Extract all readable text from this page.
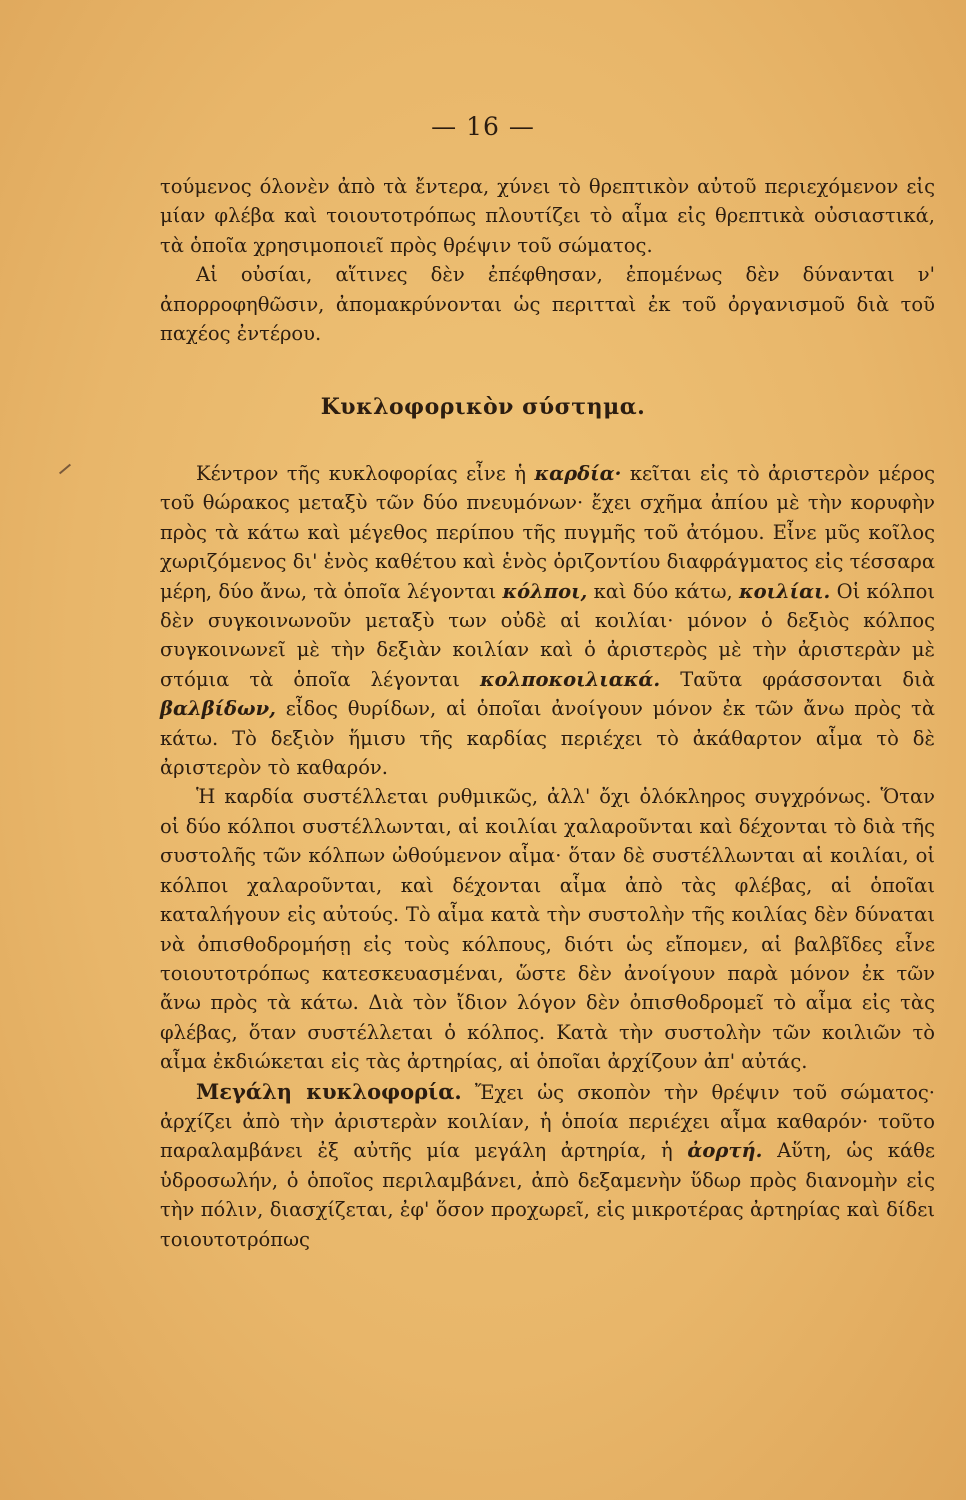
— 16 —

τούμενος όλονὲν ἀπὸ τὰ ἔντερα, χύνει τὸ θρεπτικὸν αὐτοῦ περιεχόμενον εἰς μίαν φλέβα καὶ τοιουτοτρόπως πλουτίζει τὸ αἷμα εἰς θρεπτικὰ οὐσιαστικά, τὰ ὁποῖα χρησιμοποιεῖ πρὸς θρέψιν τοῦ σώματος.

Αἱ οὐσίαι, αἵτινες δὲν ἐπέφθησαν, ἐπομένως δὲν δύνανται ν' ἀπορροφηθῶσιν, ἀπομακρύνονται ὡς περιτταὶ ἐκ τοῦ ὀργανισμοῦ διὰ τοῦ παχέος ἐντέρου.

Κυκλοφορικὸν σύστημα.

Κέντρον τῆς κυκλοφορίας εἶνε ἡ καρδία· κεῖται εἰς τὸ ἀριστερὸν μέρος τοῦ θώρακος μεταξὺ τῶν δύο πνευμόνων· ἔχει σχῆμα ἀπίου μὲ τὴν κορυφὴν πρὸς τὰ κάτω καὶ μέγεθος περίπου τῆς πυγμῆς τοῦ ἀτόμου. Εἶνε μῦς κοῖλος χωριζόμενος δι' ἑνὸς καθέτου καὶ ἑνὸς ὁριζοντίου διαφράγματος εἰς τέσσαρα μέρη, δύο ἄνω, τὰ ὁποῖα λέγονται κόλποι, καὶ δύο κάτω, κοιλίαι. Οἱ κόλποι δὲν συγκοινωνοῦν μεταξὺ των οὐδὲ αἱ κοιλίαι· μόνον ὁ δεξιὸς κόλπος συγκοινωνεῖ μὲ τὴν δεξιὰν κοιλίαν καὶ ὁ ἀριστερὸς μὲ τὴν ἀριστερὰν μὲ στόμια τὰ ὁποῖα λέγονται κολποκοιλιακά. Ταῦτα φράσσονται διὰ βαλβίδων, εἶδος θυρίδων, αἱ ὁποῖαι ἀνοίγουν μόνον ἐκ τῶν ἄνω πρὸς τὰ κάτω. Τὸ δεξιὸν ἥμισυ τῆς καρδίας περιέχει τὸ ἀκάθαρτον αἷμα τὸ δὲ ἀριστερὸν τὸ καθαρόν.

Ἡ καρδία συστέλλεται ρυθμικῶς, ἀλλ' ὄχι ὁλόκληρος συγχρόνως. Ὅταν οἱ δύο κόλποι συστέλλωνται, αἱ κοιλίαι χαλαροῦνται καὶ δέχονται τὸ διὰ τῆς συστολῆς τῶν κόλπων ὠθούμενον αἷμα· ὅταν δὲ συστέλλωνται αἱ κοιλίαι, οἱ κόλποι χαλαροῦνται, καὶ δέχονται αἷμα ἀπὸ τὰς φλέβας, αἱ ὁποῖαι καταλήγουν εἰς αὐτούς. Τὸ αἷμα κατὰ τὴν συστολὴν τῆς κοιλίας δὲν δύναται νὰ ὀπισθοδρομήσῃ εἰς τοὺς κόλπους, διότι ὡς εἴπομεν, αἱ βαλβῖδες εἶνε τοιουτοτρόπως κατεσκευασμέναι, ὥστε δὲν ἀνοίγουν παρὰ μόνον ἐκ τῶν ἄνω πρὸς τὰ κάτω. Διὰ τὸν ἴδιον λόγον δὲν ὀπισθοδρομεῖ τὸ αἷμα εἰς τὰς φλέβας, ὅταν συστέλλεται ὁ κόλπος. Κατὰ τὴν συστολὴν τῶν κοιλιῶν τὸ αἷμα ἐκδιώκεται εἰς τὰς ἀρτηρίας, αἱ ὁποῖαι ἀρχίζουν ἀπ' αὐτάς.

Μεγάλη κυκλοφορία. Ἔχει ὡς σκοπὸν τὴν θρέψιν τοῦ σώματος· ἀρχίζει ἀπὸ τὴν ἀριστερὰν κοιλίαν, ἡ ὁποία περιέχει αἷμα καθαρόν· τοῦτο παραλαμβάνει ἐξ αὐτῆς μία μεγάλη ἀρτηρία, ἡ ἀορτή. Αὕτη, ὡς κάθε ὑδροσωλήν, ὁ ὁποῖος περιλαμβάνει, ἀπὸ δεξαμενὴν ὕδωρ πρὸς διανομὴν εἰς τὴν πόλιν, διασχίζεται, ἐφ' ὅσον προχωρεῖ, εἰς μικροτέρας ἀρτηρίας καὶ δίδει τοιουτοτρόπως
